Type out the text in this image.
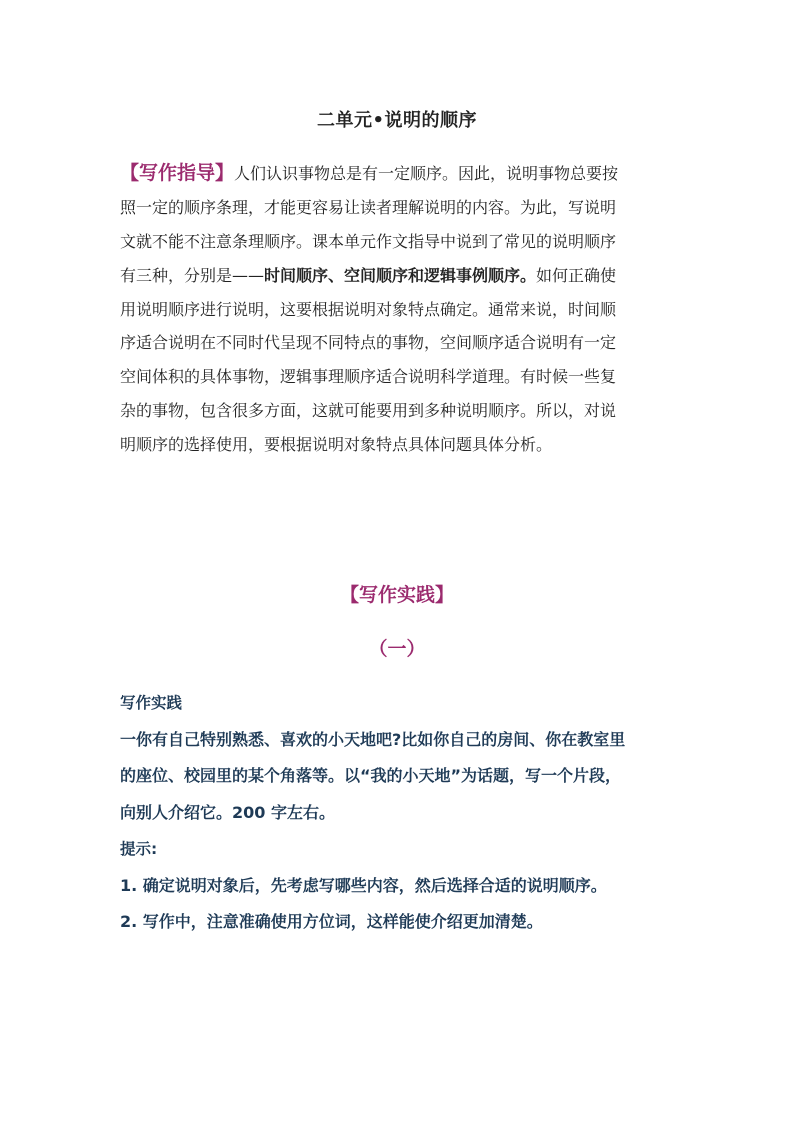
二单元•说明的顺序
【写作指导】人们认识事物总是有一定顺序。因此，说明事物总要按
照一定的顺序条理，才能更容易让读者理解说明的内容。为此，写说明
文就不能不注意条理顺序。课本单元作文指导中说到了常见的说明顺序
有三种，分别是——时间顺序、空间顺序和逻辑事例顺序。如何正确使
用说明顺序进行说明，这要根据说明对象特点确定。通常来说，时间顺
序适合说明在不同时代呈现不同特点的事物，空间顺序适合说明有一定
空间体积的具体事物，逻辑事理顺序适合说明科学道理。有时候一些复
杂的事物，包含很多方面，这就可能要用到多种说明顺序。所以，对说
明顺序的选择使用，要根据说明对象特点具体问题具体分析。
【写作实践】
（一）
写作实践
一你有自己特别熟悉、喜欢的小天地吧?比如你自己的房间、你在教室里
的座位、校园里的某个角落等。以“我的小天地”为话题，写一个片段，
向别人介绍它。200 字左右。
提示:
1. 确定说明对象后，先考虑写哪些内容，然后选择合适的说明顺序。
2. 写作中，注意准确使用方位词，这样能使介绍更加清楚。
